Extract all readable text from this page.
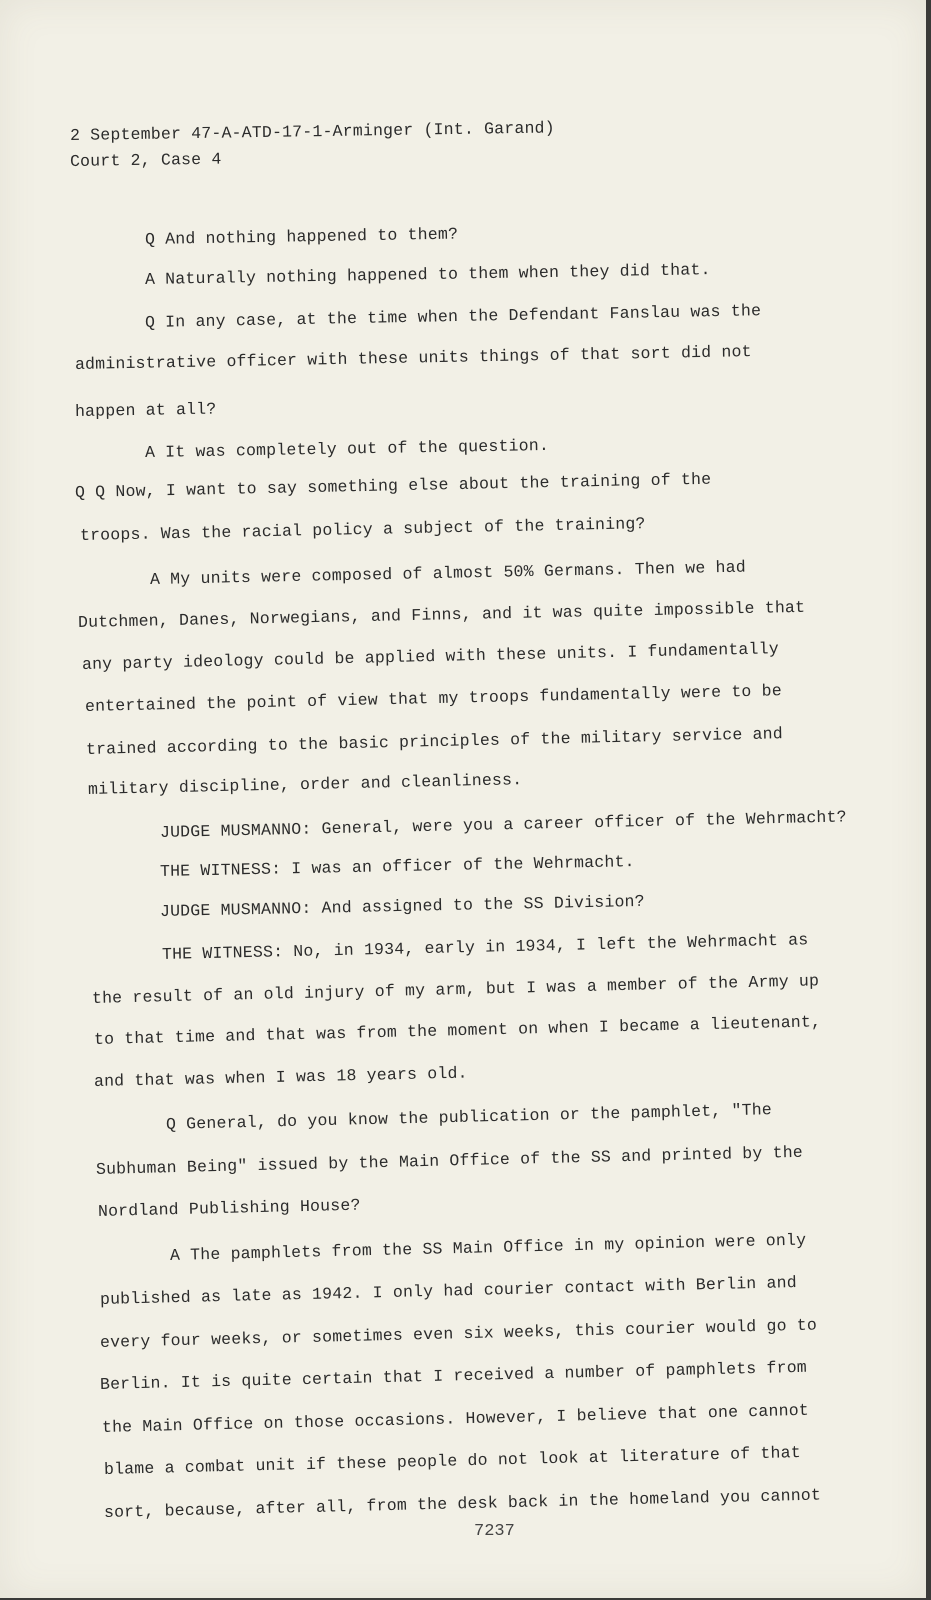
2 September 47-A-ATD-17-1-Arminger (Int. Garand)
Court 2, Case 4
Q And nothing happened to them?
A Naturally nothing happened to them when they did that.
Q In any case, at the time when the Defendant Fanslau was the
administrative officer with these units things of that sort did not
happen at all?
A It was completely out of the question.
Q Q Now, I want to say something else about the training of the
troops. Was the racial policy a subject of the training?
A My units were composed of almost 50% Germans. Then we had
Dutchmen, Danes, Norwegians, and Finns, and it was quite impossible that
any party ideology could be applied with these units. I fundamentally
entertained the point of view that my troops fundamentally were to be
trained according to the basic principles of the military service and
military discipline, order and cleanliness.
JUDGE MUSMANNO: General, were you a career officer of the Wehrmacht?
THE WITNESS: I was an officer of the Wehrmacht.
JUDGE MUSMANNO: And assigned to the SS Division?
THE WITNESS: No, in 1934, early in 1934, I left the Wehrmacht as
the result of an old injury of my arm, but I was a member of the Army up
to that time and that was from the moment on when I became a lieutenant,
and that was when I was 18 years old.
Q General, do you know the publication or the pamphlet, "The
Subhuman Being" issued by the Main Office of the SS and printed by the
Nordland Publishing House?
A The pamphlets from the SS Main Office in my opinion were only
published as late as 1942. I only had courier contact with Berlin and
every four weeks, or sometimes even six weeks, this courier would go to
Berlin. It is quite certain that I received a number of pamphlets from
the Main Office on those occasions. However, I believe that one cannot
blame a combat unit if these people do not look at literature of that
sort, because, after all, from the desk back in the homeland you cannot
7237
